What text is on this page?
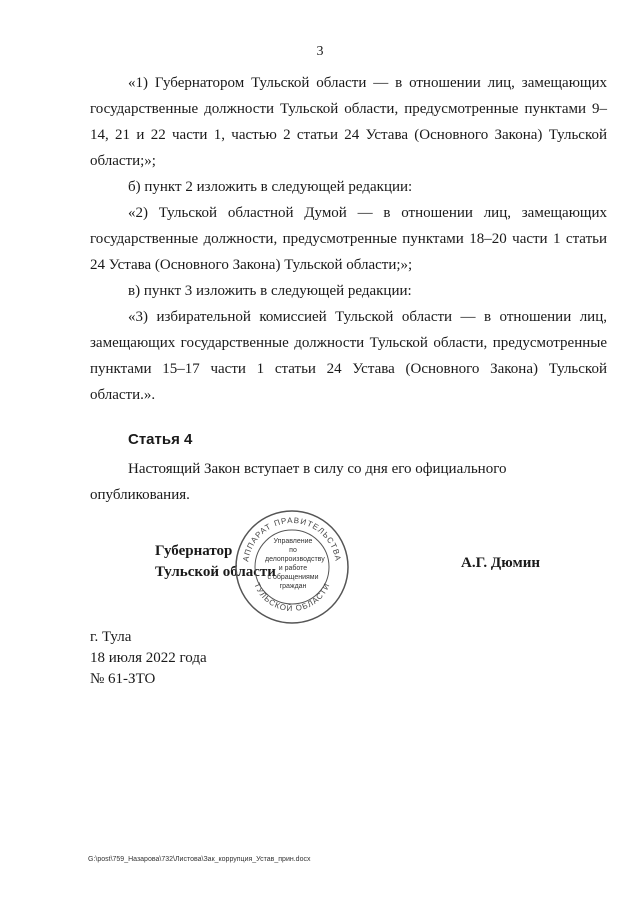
3

«1) Губернатором Тульской области — в отношении лиц, замещающих государственные должности Тульской области, предусмотренные пунктами 9–14, 21 и 22 части 1, частью 2 статьи 24 Устава (Основного Закона) Тульской области;»;

б) пункт 2 изложить в следующей редакции:

«2) Тульской областной Думой — в отношении лиц, замещающих государственные должности, предусмотренные пунктами 18–20 части 1 статьи 24 Устава (Основного Закона) Тульской области;»;

в) пункт 3 изложить в следующей редакции:

«3) избирательной комиссией Тульской области — в отношении лиц, замещающих государственные должности Тульской области, предусмотренные пунктами 15–17 части 1 статьи 24 Устава (Основного Закона) Тульской области.».

Статья 4

Настоящий Закон вступает в силу со дня его официального опубликования.

Губернатор
Тульской области
А.Г. Дюмин
АППАРАТ ПРАВИТЕЛЬСТВА
ТУЛЬСКОЙ ОБЛАСТИ
Управление
по делопроизводству
и работе
с обращениями
граждан
г. Тула
18 июля 2022 года
№ 61-ЗТО
G:\post\759_Назарова\732\Листова\Зак_коррупция_Устав_прин.docx
